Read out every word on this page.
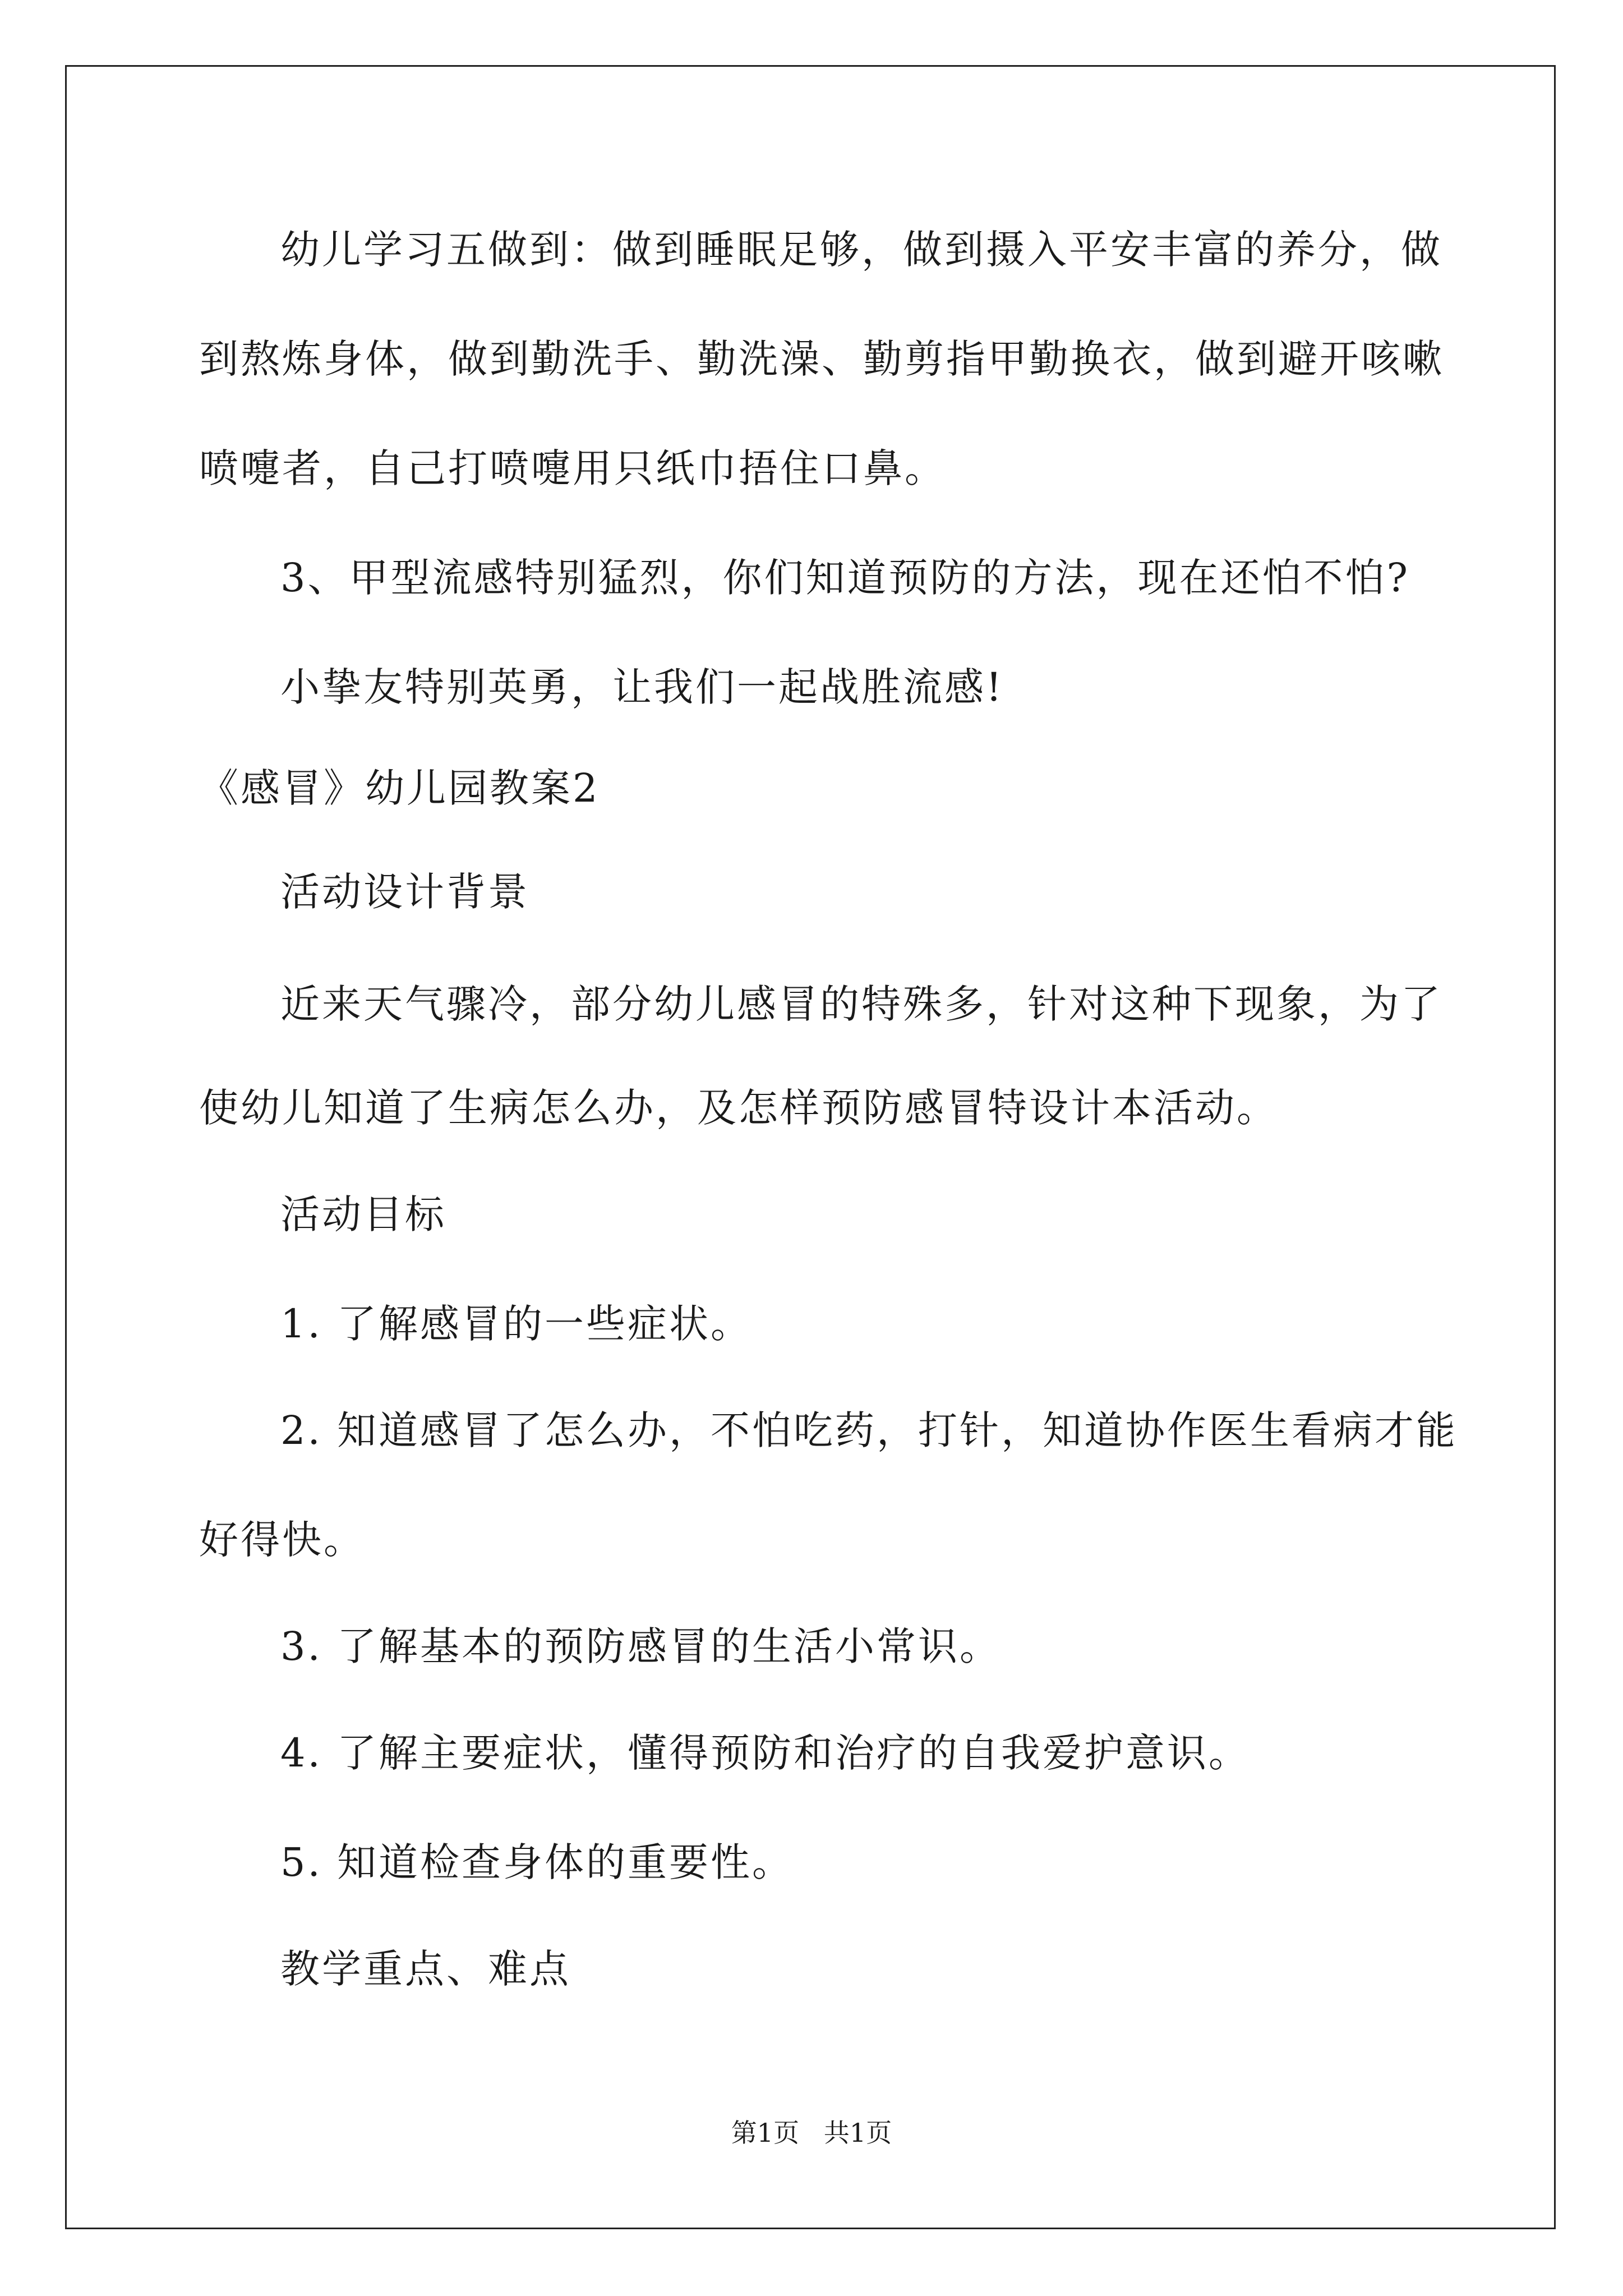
幼儿学习五做到：做到睡眠足够，做到摄入平安丰富的养分，做
到熬炼身体，做到勤洗手、勤洗澡、勤剪指甲勤换衣，做到避开咳嗽
喷嚏者，自己打喷嚏用只纸巾捂住口鼻。
3、甲型流感特别猛烈，你们知道预防的方法，现在还怕不怕?
小挚友特别英勇，让我们一起战胜流感!
《感冒》幼儿园教案2
活动设计背景
近来天气骤冷，部分幼儿感冒的特殊多，针对这种下现象，为了
使幼儿知道了生病怎么办，及怎样预防感冒特设计本活动。
活动目标
1. 了解感冒的一些症状。
2. 知道感冒了怎么办，不怕吃药，打针，知道协作医生看病才能
好得快。
3. 了解基本的预防感冒的生活小常识。
4. 了解主要症状，懂得预防和治疗的自我爱护意识。
5. 知道检查身体的重要性。
教学重点、难点
第1页   共1页
